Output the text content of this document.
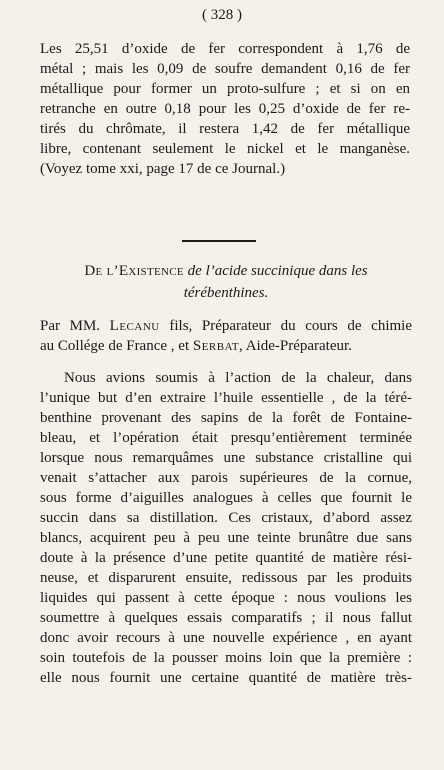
( 328 )
Les 25,51 d’oxide de fer correspondent à 1,76 de
métal ; mais les 0,09 de soufre demandent 0,16 de fer
métallique pour former un proto-sulfure ; et si on en
retranche en outre 0,18 pour les 0,25 d’oxide de fer re-
tirés du chrômate, il restera 1,42 de fer métallique
libre, contenant seulement le nickel et le manganèse.
(Voyez tome xxi, page 17 de ce Journal.)
De l’Existence de l’acide succinique dans les
térébenthines.
Par MM. Lecanu fils, Préparateur du cours de chimie
au Collége de France , et Serbat, Aide-Préparateur.
Nous avions soumis à l’action de la chaleur, dans
l’unique but d’en extraire l’huile essentielle , de la téré-
benthine provenant des sapins de la forêt de Fontaine-
bleau, et l’opération était presqu’entièrement terminée
lorsque nous remarquâmes une substance cristalline qui
venait s’attacher aux parois supérieures de la cornue,
sous forme d’aiguilles analogues à celles que fournit le
succin dans sa distillation. Ces cristaux, d’abord assez
blancs, acquirent peu à peu une teinte brunâtre due sans
doute à la présence d’une petite quantité de matière rési-
neuse, et disparurent ensuite, redissous par les produits
liquides qui passent à cette époque : nous voulions les
soumettre à quelques essais comparatifs ; il nous fallut
donc avoir recours à une nouvelle expérience , en ayant
soin toutefois de la pousser moins loin que la première :
elle nous fournit une certaine quantité de matière très-
